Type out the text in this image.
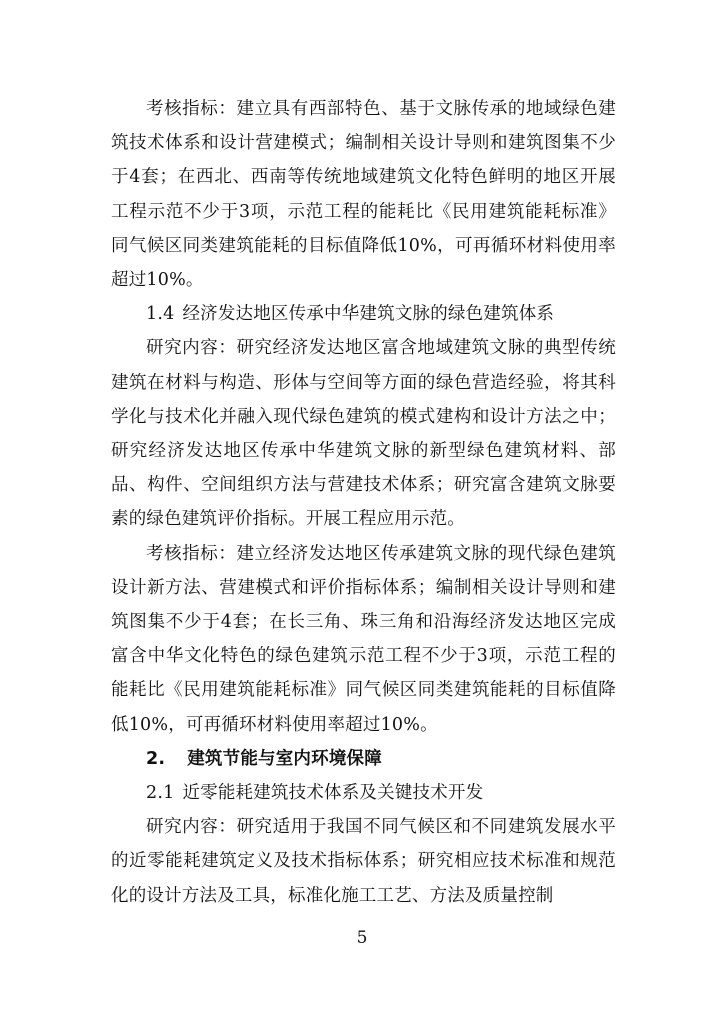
考核指标：建立具有西部特色、基于文脉传承的地域绿色建筑技术体系和设计营建模式；编制相关设计导则和建筑图集不少于4套；在西北、西南等传统地域建筑文化特色鲜明的地区开展工程示范不少于3项，示范工程的能耗比《民用建筑能耗标准》同气候区同类建筑能耗的目标值降低10%，可再循环材料使用率超过10%。

1.4 经济发达地区传承中华建筑文脉的绿色建筑体系

研究内容：研究经济发达地区富含地域建筑文脉的典型传统建筑在材料与构造、形体与空间等方面的绿色营造经验，将其科学化与技术化并融入现代绿色建筑的模式建构和设计方法之中；研究经济发达地区传承中华建筑文脉的新型绿色建筑材料、部品、构件、空间组织方法与营建技术体系；研究富含建筑文脉要素的绿色建筑评价指标。开展工程应用示范。

考核指标：建立经济发达地区传承建筑文脉的现代绿色建筑设计新方法、营建模式和评价指标体系；编制相关设计导则和建筑图集不少于4套；在长三角、珠三角和沿海经济发达地区完成富含中华文化特色的绿色建筑示范工程不少于3项，示范工程的能耗比《民用建筑能耗标准》同气候区同类建筑能耗的目标值降低10%，可再循环材料使用率超过10%。

2. 建筑节能与室内环境保障

2.1 近零能耗建筑技术体系及关键技术开发

研究内容：研究适用于我国不同气候区和不同建筑发展水平的近零能耗建筑定义及技术指标体系；研究相应技术标准和规范化的设计方法及工具，标准化施工工艺、方法及质量控制

5
